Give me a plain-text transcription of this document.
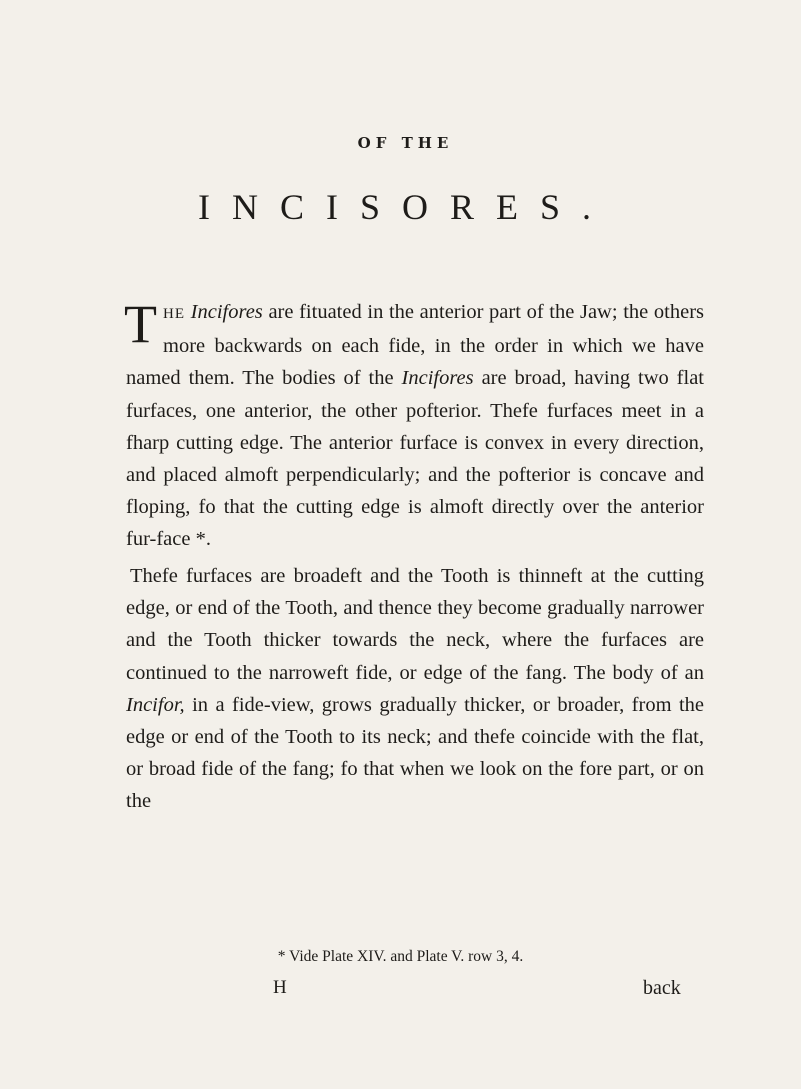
OF THE
INCISORES.
THE Incifores are fituated in the anterior part of the Jaw; the others more backwards on each fide, in the order in which we have named them. The bodies of the Incifores are broad, having two flat furfaces, one anterior, the other pofterior. Thefe furfaces meet in a fharp cutting edge. The anterior furface is convex in every direction, and placed almoft perpendicularly; and the pofterior is concave and floping, fo that the cutting edge is almoft directly over the anterior fur-face *.
Thefe furfaces are broadeft and the Tooth is thinneft at the cutting edge, or end of the Tooth, and thence they become gradually narrower and the Tooth thicker towards the neck, where the furfaces are continued to the narroweft fide, or edge of the fang. The body of an Incifor, in a fide-view, grows gradually thicker, or broader, from the edge or end of the Tooth to its neck; and thefe coincide with the flat, or broad fide of the fang; fo that when we look on the fore part, or on the
* Vide Plate XIV. and Plate V. row 3, 4.
H	back
